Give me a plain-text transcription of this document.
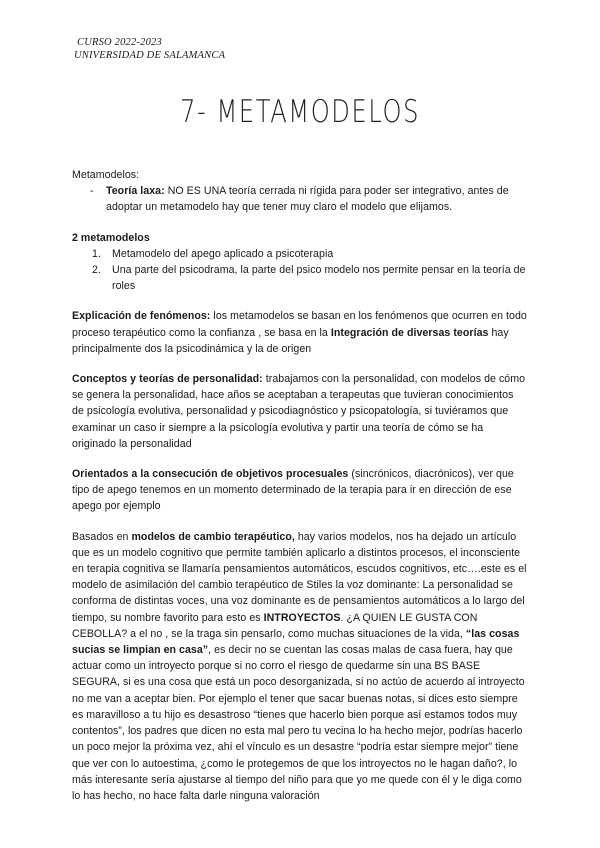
CURSO 2022-2023
UNIVERSIDAD DE SALAMANCA
7- METAMODELOS

Metamodelos:

-	Teoría laxa: NO ES UNA teoría cerrada ni rígida para poder ser integrativo, antes de adoptar un metamodelo hay que tener muy claro el modelo que elijamos.

2 metamodelos

1.	Metamodelo del apego aplicado a psicoterapia
2.	Una parte del psicodrama, la parte del psico modelo nos permite pensar en la teoría de roles

Explicación de fenómenos: los metamodelos se basan en los fenómenos que ocurren en todo proceso terapéutico como la confianza , se basa en la Integración de diversas teorías hay principalmente dos la psicodinámica y la de origen

Conceptos y teorías de personalidad: trabajamos con la personalidad, con modelos de cómo se genera la personalidad, hace años se aceptaban a terapeutas que tuvieran conocimientos de psicología evolutiva, personalidad y psicodiagnóstico y psicopatología, si tuviéramos que examinar un caso ir siempre a la psicología evolutiva y partir una teoría de cómo se ha originado la personalidad

Orientados a la consecución de objetivos procesuales (sincrónicos, diacrónicos), ver que tipo de apego tenemos en un momento determinado de la terapia para ir en dirección de ese apego por ejemplo

Basados en modelos de cambio terapéutico, hay varios modelos, nos ha dejado un artículo que es un modelo cognitivo que permite también aplicarlo a distintos procesos, el inconsciente en terapia cognitiva se llamaría pensamientos automáticos, escudos cognitivos, etc….este es el modelo de asimilación del cambio terapéutico de Stiles la voz dominante: La personalidad se conforma de distintas voces, una voz dominante es de pensamientos automáticos a lo largo del tiempo, su nombre favorito para esto es INTROYECTOS. ¿A QUIEN LE GUSTA CON CEBOLLA? a el no , se la traga sin pensarlo, como muchas situaciones de la vida, “las cosas sucias se limpian en casa”, es decir no se cuentan las cosas malas de casa fuera, hay que actuar como un introyecto porque si no corro el riesgo de quedarme sin una BS BASE SEGURA, si es una cosa que está un poco desorganizada, si no actúo de acuerdo al introyecto no me van a aceptar bien. Por ejemplo el tener que sacar buenas notas, si dices esto siempre es maravilloso a tu hijo es desastroso “tienes que hacerlo bien porque así estamos todos muy contentos”, los padres que dicen no esta mal pero tu vecina lo ha hecho mejor, podrías hacerlo un poco mejor la próxima vez, ahí el vínculo es un desastre “podría estar siempre mejor” tiene que ver con lo autoestima, ¿como le protegemos de que los introyectos no le hagan daño?, lo más interesante sería ajustarse al tiempo del niño para que yo me quede con él y le diga como lo has hecho, no hace falta darle ninguna valoración
